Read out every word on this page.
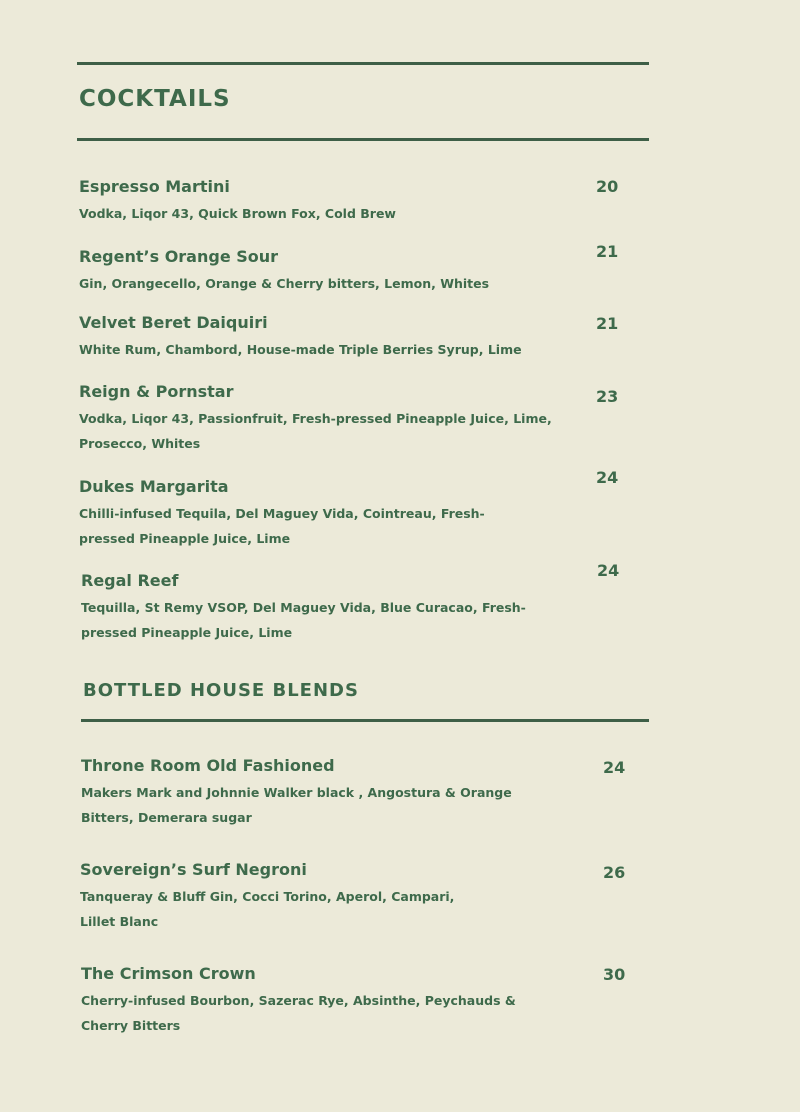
COCKTAILS
Espresso Martini
Vodka, Liqor 43, Quick Brown Fox, Cold Brew
20
Regent’s Orange Sour
Gin, Orangecello, Orange & Cherry bitters, Lemon, Whites
21
Velvet Beret Daiquiri
White Rum, Chambord, House-made Triple Berries Syrup, Lime
21
Reign & Pornstar
Vodka, Liqor 43, Passionfruit, Fresh-pressed Pineapple Juice, Lime,
Prosecco, Whites
23
Dukes Margarita
Chilli-infused Tequila, Del Maguey Vida, Cointreau, Fresh-
pressed Pineapple Juice, Lime
24
Regal Reef
Tequilla, St Remy VSOP, Del Maguey Vida, Blue Curacao, Fresh-
pressed Pineapple Juice, Lime
24
BOTTLED HOUSE BLENDS
Throne Room Old Fashioned
Makers Mark and Johnnie Walker black , Angostura & Orange
Bitters, Demerara sugar
24
Sovereign’s Surf Negroni
Tanqueray & Bluff Gin, Cocci Torino, Aperol, Campari,
Lillet Blanc
26
The Crimson Crown
Cherry-infused Bourbon, Sazerac Rye, Absinthe, Peychauds &
Cherry Bitters
30
